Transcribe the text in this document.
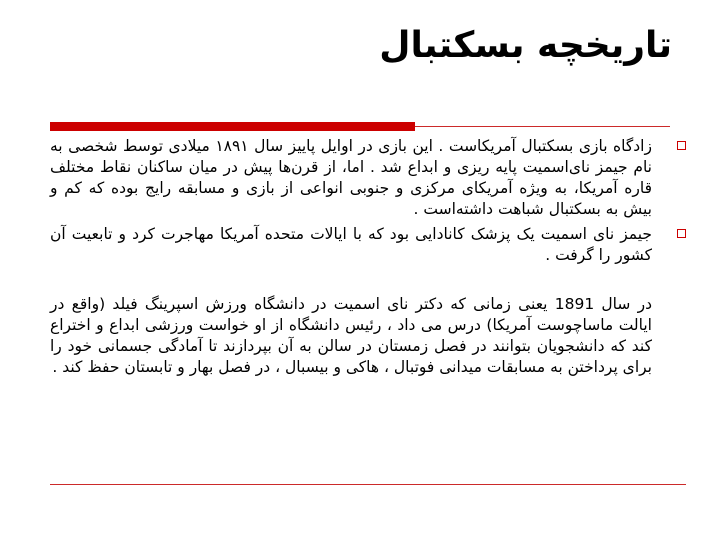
تاریخچه بسکتبال
زادگاه بازی بسکتبال آمریکاست . این بازی در اوایل پاییز سال ۱۸۹۱ میلادی توسط شخصی به نام جیمز نای‌اسمیت پایه ریزی و ابداع شد . اما، از قرن‌ها پیش در میان ساکنان نقاط مختلف قاره آمریکا، به ویژه آمریکای مرکزی و جنوبی انواعی از بازی و مسابقه رایج بوده که کم و بیش به بسکتبال شباهت داشته‌است .
جیمز نای اسمیت یک پزشک کانادایی بود که با ایالات متحده آمریکا مهاجرت کرد و تابعیت آن کشور را گرفت .

در سال 1891 یعنی زمانی که دکتر نای اسمیت در دانشگاه ورزش اسپرینگ فیلد (واقع در ایالت ماساچوست آمریکا) درس می داد ، رئیس دانشگاه از او خواست ورزشی ابداع و اختراع کند که دانشجویان بتوانند در فصل زمستان در سالن به آن بپردازند تا آمادگی جسمانی خود را برای پرداختن به مسابقات میدانی فوتبال ، هاکی و بیسبال ، در فصل بهار و تابستان حفظ کند .
